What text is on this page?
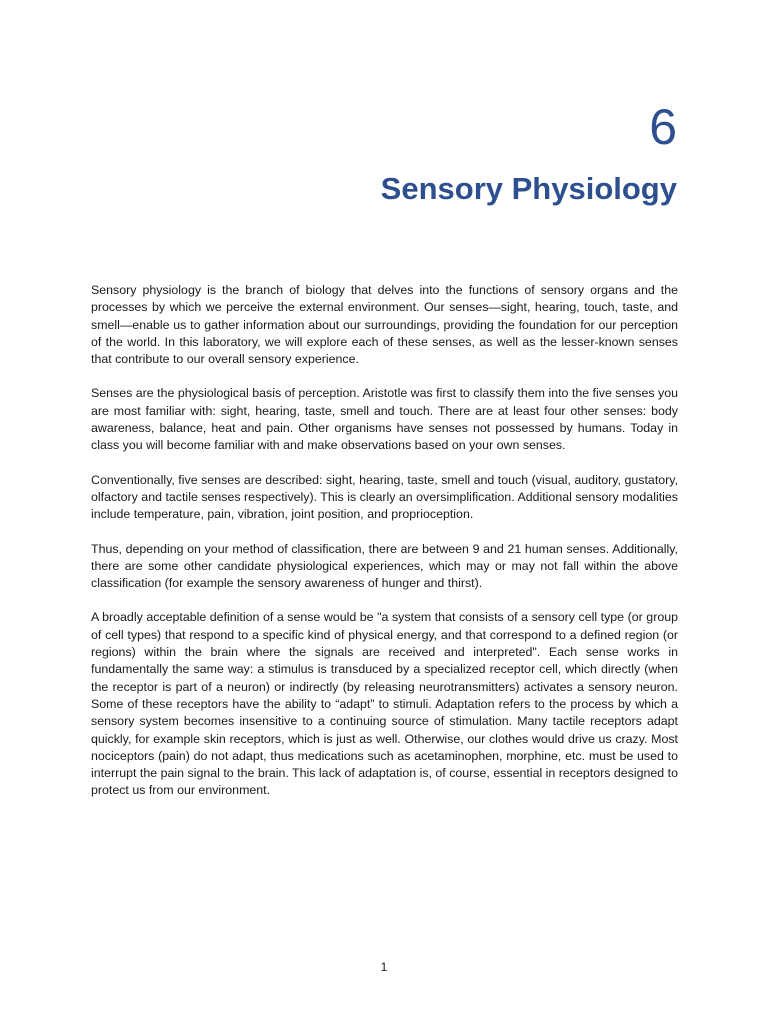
6
Sensory Physiology

Sensory physiology is the branch of biology that delves into the functions of sensory organs and the processes by which we perceive the external environment. Our senses—sight, hearing, touch, taste, and smell—enable us to gather information about our surroundings, providing the foundation for our perception of the world. In this laboratory, we will explore each of these senses, as well as the lesser-known senses that contribute to our overall sensory experience.

Senses are the physiological basis of perception. Aristotle was first to classify them into the five senses you are most familiar with: sight, hearing, taste, smell and touch. There are at least four other senses: body awareness, balance, heat and pain. Other organisms have senses not possessed by humans. Today in class you will become familiar with and make observations based on your own senses.

Conventionally, five senses are described: sight, hearing, taste, smell and touch (visual, auditory, gustatory, olfactory and tactile senses respectively). This is clearly an oversimplification. Additional sensory modalities include temperature, pain, vibration, joint position, and proprioception.

Thus, depending on your method of classification, there are between 9 and 21 human senses. Additionally, there are some other candidate physiological experiences, which may or may not fall within the above classification (for example the sensory awareness of hunger and thirst).

A broadly acceptable definition of a sense would be "a system that consists of a sensory cell type (or group of cell types) that respond to a specific kind of physical energy, and that correspond to a defined region (or regions) within the brain where the signals are received and interpreted". Each sense works in fundamentally the same way: a stimulus is transduced by a specialized receptor cell, which directly (when the receptor is part of a neuron) or indirectly (by releasing neurotransmitters) activates a sensory neuron. Some of these receptors have the ability to “adapt” to stimuli. Adaptation refers to the process by which a sensory system becomes insensitive to a continuing source of stimulation. Many tactile receptors adapt quickly, for example skin receptors, which is just as well. Otherwise, our clothes would drive us crazy. Most nociceptors (pain) do not adapt, thus medications such as acetaminophen, morphine, etc. must be used to interrupt the pain signal to the brain. This lack of adaptation is, of course, essential in receptors designed to protect us from our environment.

1
